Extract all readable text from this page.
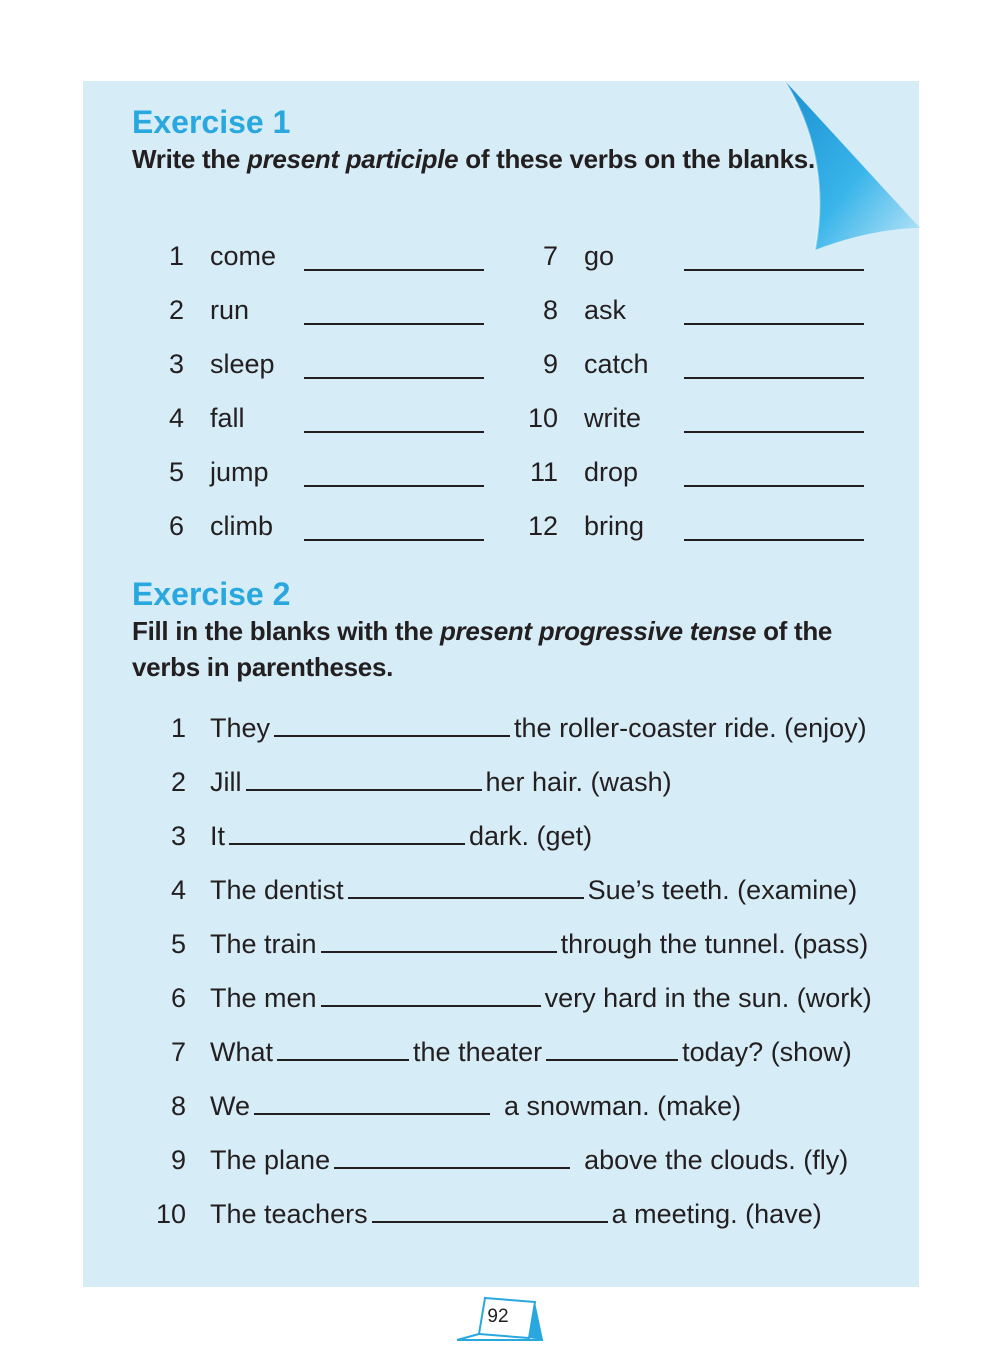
Exercise 1

Write the present participle of these verbs on the blanks.

1 come
2 run
3 sleep
4 fall
5 jump
6 climb
7 go
8 ask
9 catch
10 write
11 drop
12 bring
Exercise 2

Fill in the blanks with the present progressive tense of the verbs in parentheses.

1 They	the roller-coaster ride. (enjoy)
2 Jill	her hair. (wash)
3 It	dark. (get)
4 The dentist	Sue’s teeth. (examine)
5 The train	through the tunnel. (pass)
6 The men	very hard in the sun. (work)
7 What	the theater	today? (show)
8 We	a snowman. (make)
9 The plane	above the clouds. (fly)
10 The teachers	a meeting. (have)
92
